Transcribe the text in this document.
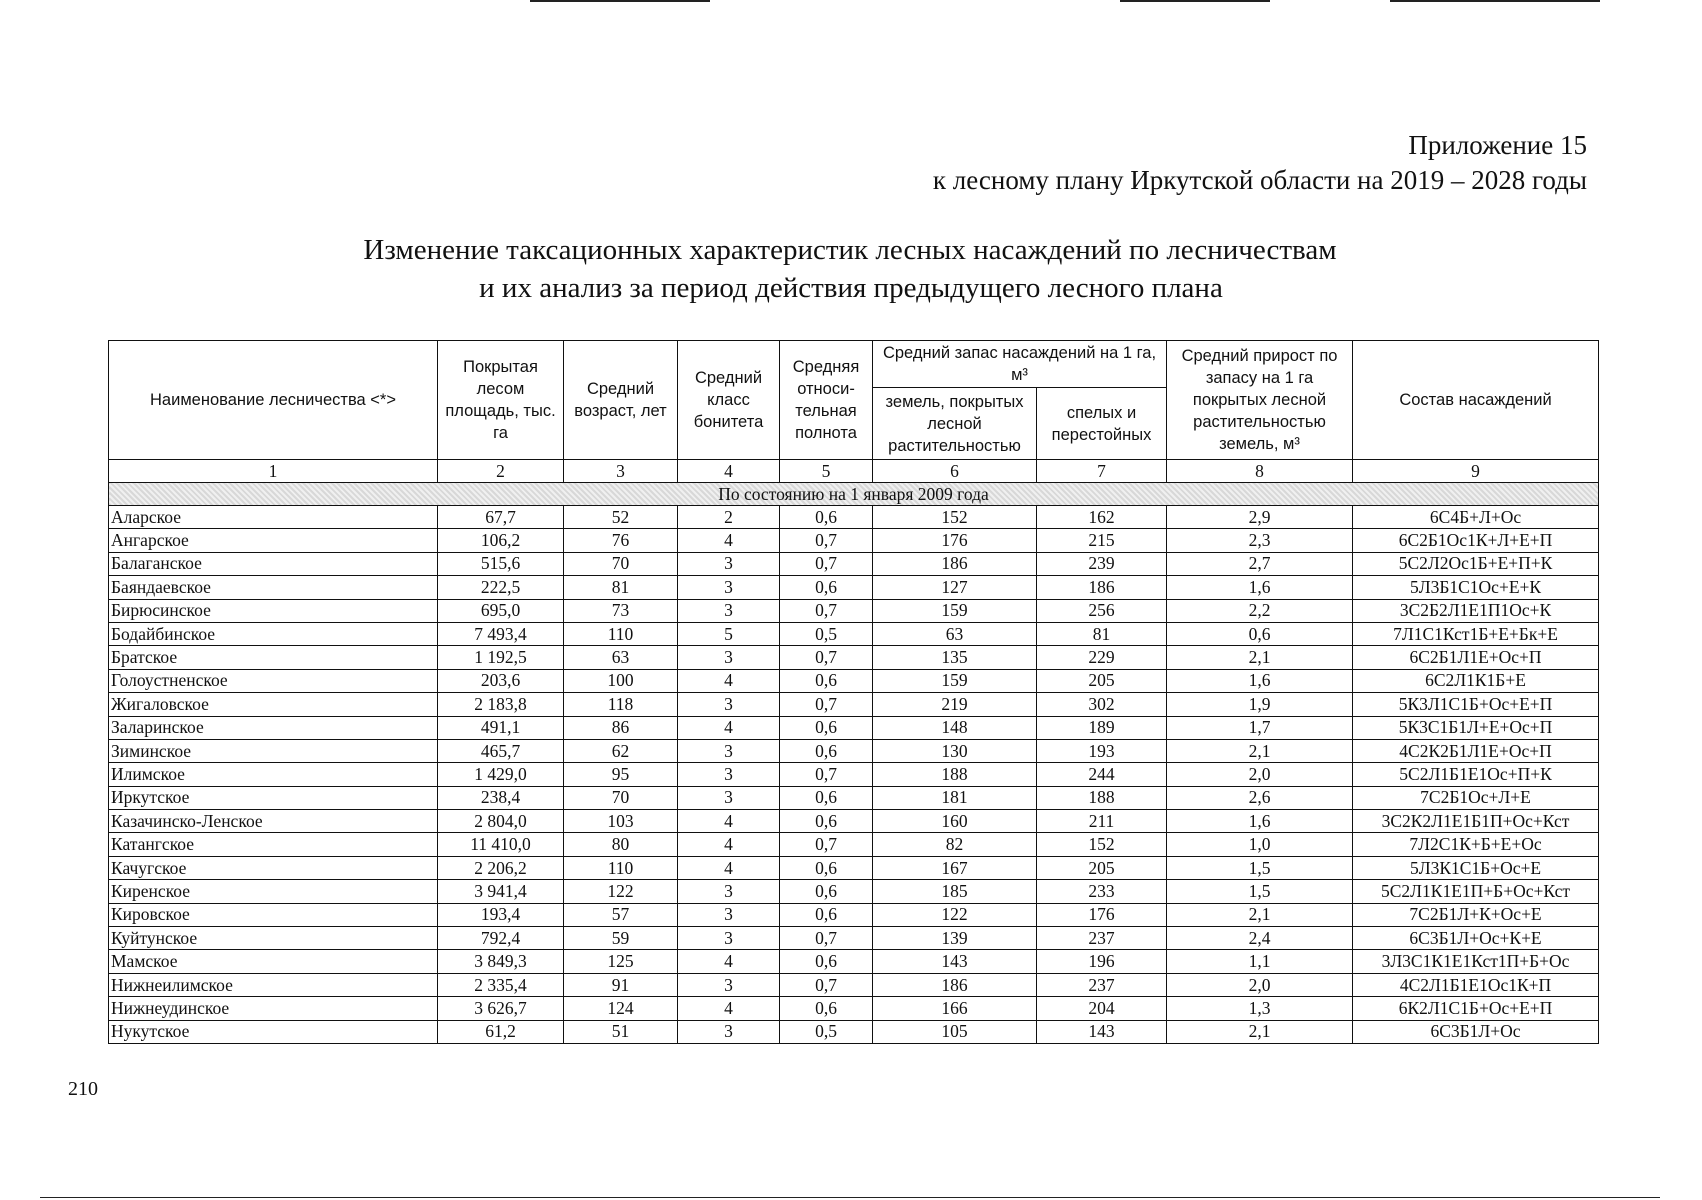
Приложение 15
к лесному плану Иркутской области на 2019 – 2028 годы
Изменение таксационных характеристик лесных насаждений по лесничествам
и их анализ за период действия предыдущего лесного плана
Наименование лесничества <*>	Покрытая лесом площадь, тыс. га	Средний возраст, лет	Средний класс бонитета	Средняя относи-тельная полнота	Средний запас насаждений на 1 га, м³		Средний прирост по запасу на 1 га покрытых лесной растительностью земель, м³	Состав насаждений
					земель, покрытых лесной растительностью	спелых и перестойных		
1	2	3	4	5	6	7	8	9
По состоянию на 1 января 2009 года								
Аларское	67,7	52	2	0,6	152	162	2,9	6С4Б+Л+Ос
Ангарское	106,2	76	4	0,7	176	215	2,3	6С2Б1Ос1К+Л+Е+П
Балаганское	515,6	70	3	0,7	186	239	2,7	5С2Л2Ос1Б+Е+П+К
Баяндаевское	222,5	81	3	0,6	127	186	1,6	5Л3Б1С1Ос+Е+К
Бирюсинское	695,0	73	3	0,7	159	256	2,2	3С2Б2Л1Е1П1Ос+К
Бодайбинское	7 493,4	110	5	0,5	63	81	0,6	7Л1С1Кст1Б+Е+Бк+Е
Братское	1 192,5	63	3	0,7	135	229	2,1	6С2Б1Л1Е+Ос+П
Голоустненское	203,6	100	4	0,6	159	205	1,6	6С2Л1К1Б+Е
Жигаловское	2 183,8	118	3	0,7	219	302	1,9	5К3Л1С1Б+Ос+Е+П
Заларинское	491,1	86	4	0,6	148	189	1,7	5К3С1Б1Л+Е+Ос+П
Зиминское	465,7	62	3	0,6	130	193	2,1	4С2К2Б1Л1Е+Ос+П
Илимское	1 429,0	95	3	0,7	188	244	2,0	5С2Л1Б1Е1Ос+П+К
Иркутское	238,4	70	3	0,6	181	188	2,6	7С2Б1Ос+Л+Е
Казачинско-Ленское	2 804,0	103	4	0,6	160	211	1,6	3С2К2Л1Е1Б1П+Ос+Кст
Катангское	11 410,0	80	4	0,7	82	152	1,0	7Л2С1К+Б+Е+Ос
Качугское	2 206,2	110	4	0,6	167	205	1,5	5Л3К1С1Б+Ос+Е
Киренское	3 941,4	122	3	0,6	185	233	1,5	5С2Л1К1Е1П+Б+Ос+Кст
Кировское	193,4	57	3	0,6	122	176	2,1	7С2Б1Л+К+Ос+Е
Куйтунское	792,4	59	3	0,7	139	237	2,4	6С3Б1Л+Ос+К+Е
Мамское	3 849,3	125	4	0,6	143	196	1,1	3Л3С1К1Е1Кст1П+Б+Ос
Нижнеилимское	2 335,4	91	3	0,7	186	237	2,0	4С2Л1Б1Е1Ос1К+П
Нижнеудинское	3 626,7	124	4	0,6	166	204	1,3	6К2Л1С1Б+Ос+Е+П
Нукутское	61,2	51	3	0,5	105	143	2,1	6С3Б1Л+Ос
210
